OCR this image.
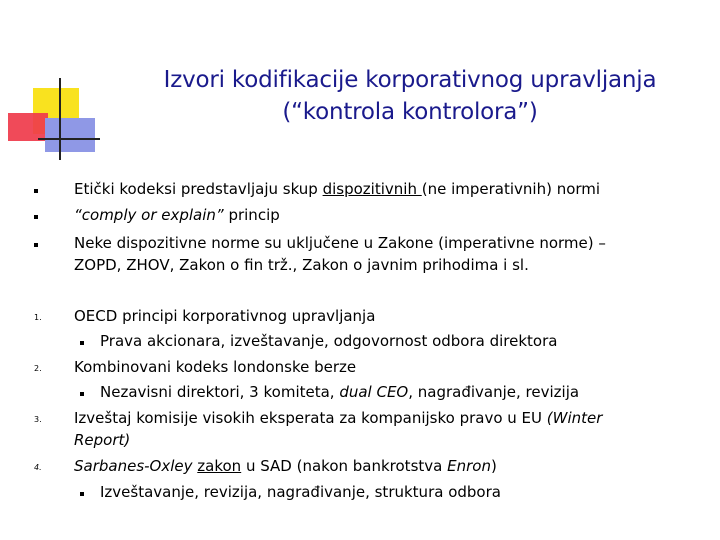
Izvori kodifikacije korporativnog upravljanja
(“kontrola kontrolora”)
Etički kodeksi predstavljaju skup dispozitivnih (ne imperativnih) normi
“comply or explain” princip
Neke dispozitivne norme su uključene u Zakone (imperativne norme) –
ZOPD, ZHOV, Zakon o fin trž., Zakon o javnim prihodima i sl.
1. OECD principi korporativnog upravljanja
Prava akcionara, izveštavanje, odgovornost odbora direktora
2. Kombinovani kodeks londonske berze
Nezavisni direktori, 3 komiteta, dual CEO, nagrađivanje, revizija
3. Izveštaj komisije visokih eksperata za kompanijsko pravo u EU (Winter
Report)
4. Sarbanes-Oxley zakon u SAD (nakon bankrotstva Enron)
Izveštavanje, revizija, nagrađivanje, struktura odbora
